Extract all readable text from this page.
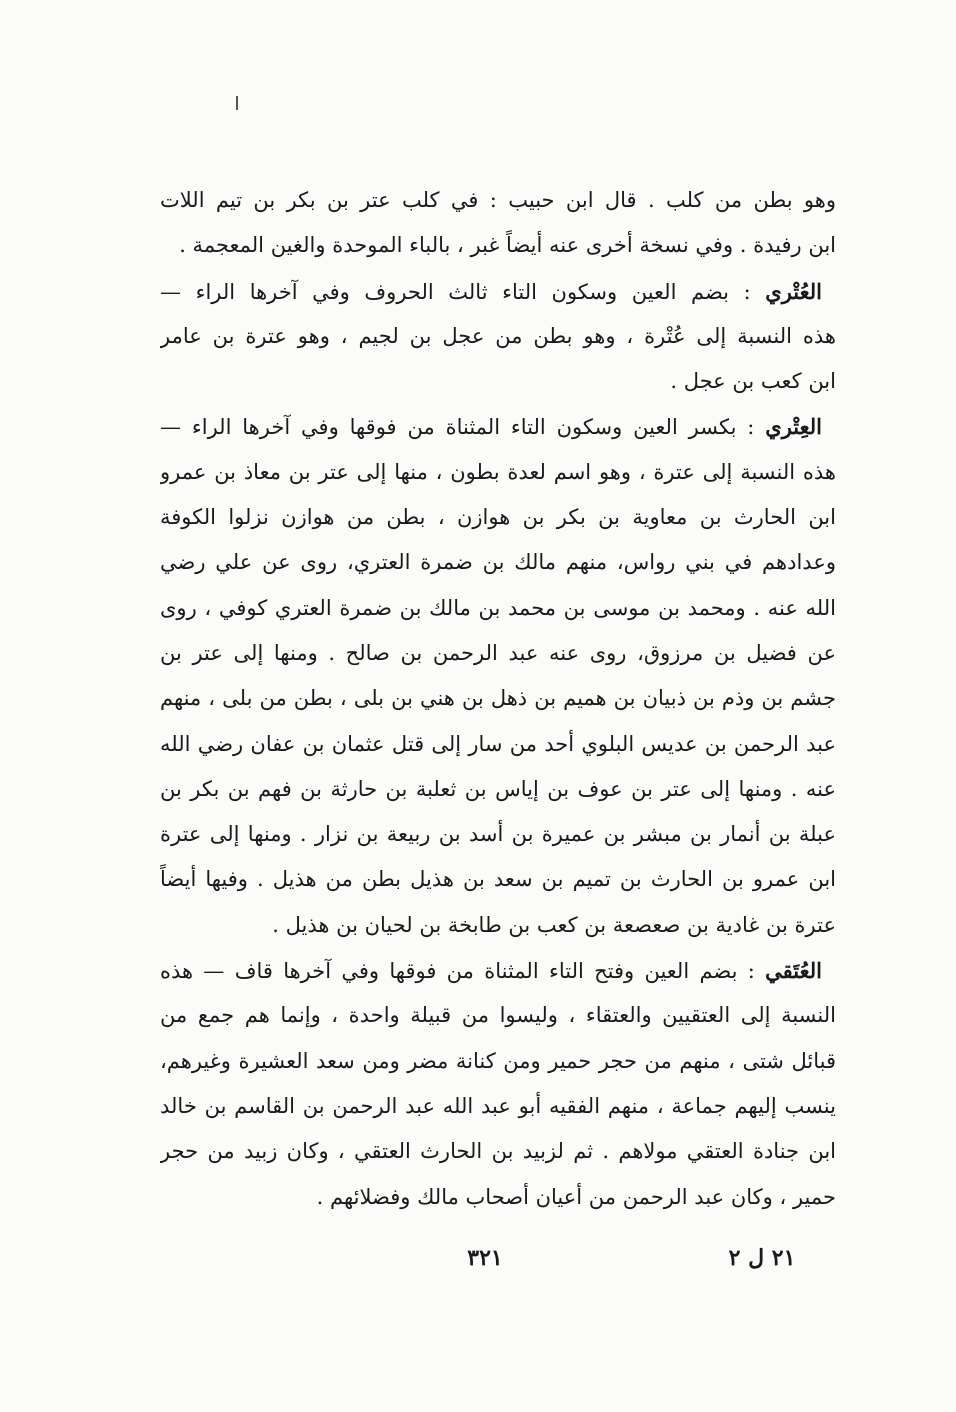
وهو بطن من كلب . قال ابن حبيب : في كلب عتر بن بكر بن تيم اللات
ابن رفيدة . وفي نسخة أخرى عنه أيضاً غبر ، بالباء الموحدة والغين المعجمة .
العُتْري : بضم العين وسكون التاء ثالث الحروف وفي آخرها الراء —
هذه النسبة إلى عُتْرة ، وهو بطن من عجل بن لجيم ، وهو عترة بن عامر
ابن كعب بن عجل .
العِتْري : بكسر العين وسكون التاء المثناة من فوقها وفي آخرها الراء —
هذه النسبة إلى عترة ، وهو اسم لعدة بطون ، منها إلى عتر بن معاذ بن عمرو
ابن الحارث بن معاوية بن بكر بن هوازن ، بطن من هوازن نزلوا الكوفة
وعدادهم في بني رواس، منهم مالك بن ضمرة العتري، روى عن علي رضي
الله عنه . ومحمد بن موسى بن محمد بن مالك بن ضمرة العتري كوفي ، روى
عن فضيل بن مرزوق، روى عنه عبد الرحمن بن صالح . ومنها إلى عتر بن
جشم بن وذم بن ذبيان بن هميم بن ذهل بن هني بن بلى ، بطن من بلى ، منهم
عبد الرحمن بن عديس البلوي أحد من سار إلى قتل عثمان بن عفان رضي الله
عنه . ومنها إلى عتر بن عوف بن إياس بن ثعلبة بن حارثة بن فهم بن بكر بن
عبلة بن أنمار بن مبشر بن عميرة بن أسد بن ربيعة بن نزار . ومنها إلى عترة
ابن عمرو بن الحارث بن تميم بن سعد بن هذيل بطن من هذيل . وفيها أيضاً
عترة بن غادية بن صعصعة بن كعب بن طابخة بن لحيان بن هذيل .
العُتَقي : بضم العين وفتح التاء المثناة من فوقها وفي آخرها قاف — هذه
النسبة إلى العتقيين والعتقاء ، وليسوا من قبيلة واحدة ، وإنما هم جمع من
قبائل شتى ، منهم من حجر حمير ومن كنانة مضر ومن سعد العشيرة وغيرهم،
ينسب إليهم جماعة ، منهم الفقيه أبو عبد الله عبد الرحمن بن القاسم بن خالد
ابن جنادة العتقي مولاهم . ثم لزبيد بن الحارث العتقي ، وكان زبيد من حجر
حمير ، وكان عبد الرحمن من أعيان أصحاب مالك وفضلائهم .
٣٢١	٢١ ل ٢
